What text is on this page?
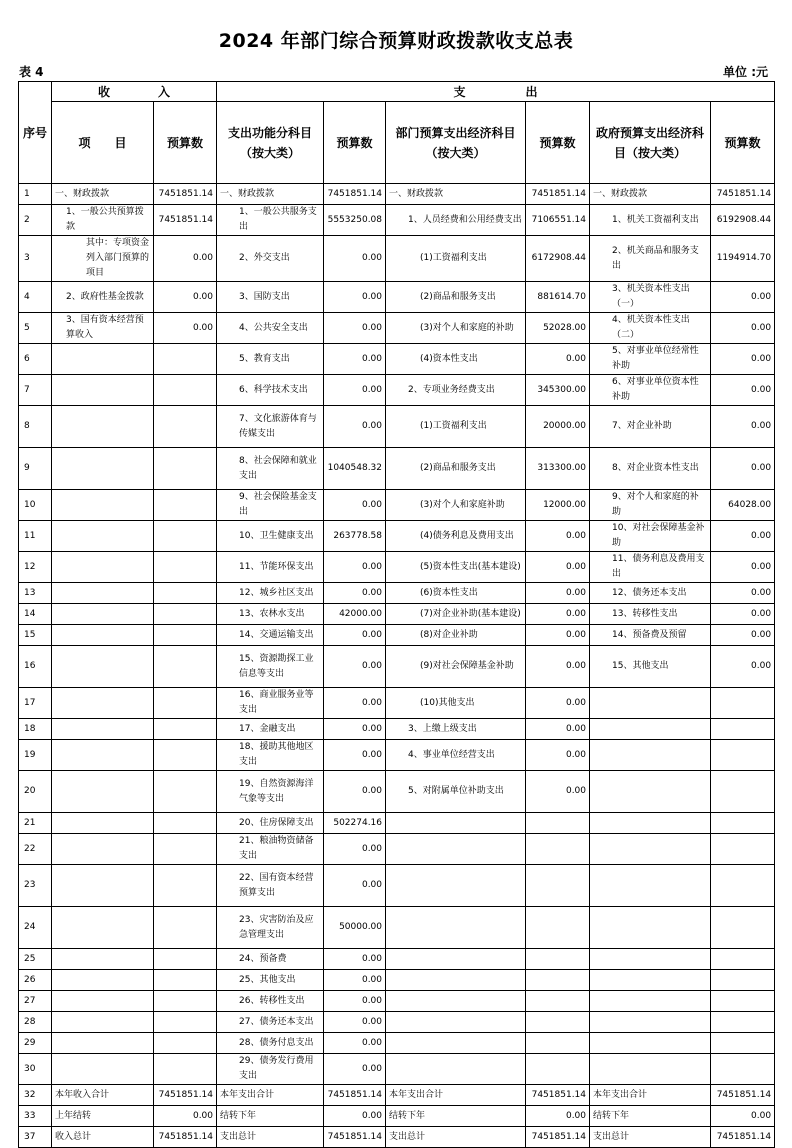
2024 年部门综合预算财政拨款收支总表
表 4	单位 :元
序号	收　　　　入		支　　　　　出					
	项　　目	预算数	支出功能分科目（按大类）	预算数	部门预算支出经济科目（按大类）	预算数	政府预算支出经济科目（按大类）	预算数
1	一、财政拨款	7451851.14	一、财政拨款	7451851.14	一、财政拨款	7451851.14	一、财政拨款	7451851.14
2	1、一般公共预算拨款	7451851.14	1、一般公共服务支出	5553250.08	1、人员经费和公用经费支出	7106551.14	1、机关工资福利支出	6192908.44
3	其中：专项资金列入部门预算的项目	0.00	2、外交支出	0.00	(1)工资福利支出	6172908.44	2、机关商品和服务支出	1194914.70
4	2、政府性基金拨款	0.00	3、国防支出	0.00	(2)商品和服务支出	881614.70	3、机关资本性支出（一）	0.00
5	3、国有资本经营预算收入	0.00	4、公共安全支出	0.00	(3)对个人和家庭的补助	52028.00	4、机关资本性支出（二）	0.00
6			5、教育支出	0.00	(4)资本性支出	0.00	5、对事业单位经常性补助	0.00
7			6、科学技术支出	0.00	2、专项业务经费支出	345300.00	6、对事业单位资本性补助	0.00
8			7、文化旅游体育与传媒支出	0.00	(1)工资福利支出	20000.00	7、对企业补助	0.00
9			8、社会保障和就业支出	1040548.32	(2)商品和服务支出	313300.00	8、对企业资本性支出	0.00
10			9、社会保险基金支出	0.00	(3)对个人和家庭补助	12000.00	9、对个人和家庭的补助	64028.00
11			10、卫生健康支出	263778.58	(4)债务利息及费用支出	0.00	10、对社会保障基金补助	0.00
12			11、节能环保支出	0.00	(5)资本性支出(基本建设)	0.00	11、债务利息及费用支出	0.00
13			12、城乡社区支出	0.00	(6)资本性支出	0.00	12、债务还本支出	0.00
14			13、农林水支出	42000.00	(7)对企业补助(基本建设)	0.00	13、转移性支出	0.00
15			14、交通运输支出	0.00	(8)对企业补助	0.00	14、预备费及预留	0.00
16			15、资源勘探工业信息等支出	0.00	(9)对社会保障基金补助	0.00	15、其他支出	0.00
17			16、商业服务业等支出	0.00	(10)其他支出	0.00		
18			17、金融支出	0.00	3、上缴上级支出	0.00		
19			18、援助其他地区支出	0.00	4、事业单位经营支出	0.00		
20			19、自然资源海洋气象等支出	0.00	5、对附属单位补助支出	0.00		
21			20、住房保障支出	502274.16				
22			21、粮油物资储备支出	0.00				
23			22、国有资本经营预算支出	0.00				
24			23、灾害防治及应急管理支出	50000.00				
25			24、预备费	0.00				
26			25、其他支出	0.00				
27			26、转移性支出	0.00				
28			27、债务还本支出	0.00				
29			28、债务付息支出	0.00				
30			29、债务发行费用支出	0.00				
32	本年收入合计	7451851.14	本年支出合计	7451851.14	本年支出合计	7451851.14	本年支出合计	7451851.14
33	上年结转	0.00	结转下年	0.00	结转下年	0.00	结转下年	0.00
37	收入总计	7451851.14	支出总计	7451851.14	支出总计	7451851.14	支出总计	7451851.14
